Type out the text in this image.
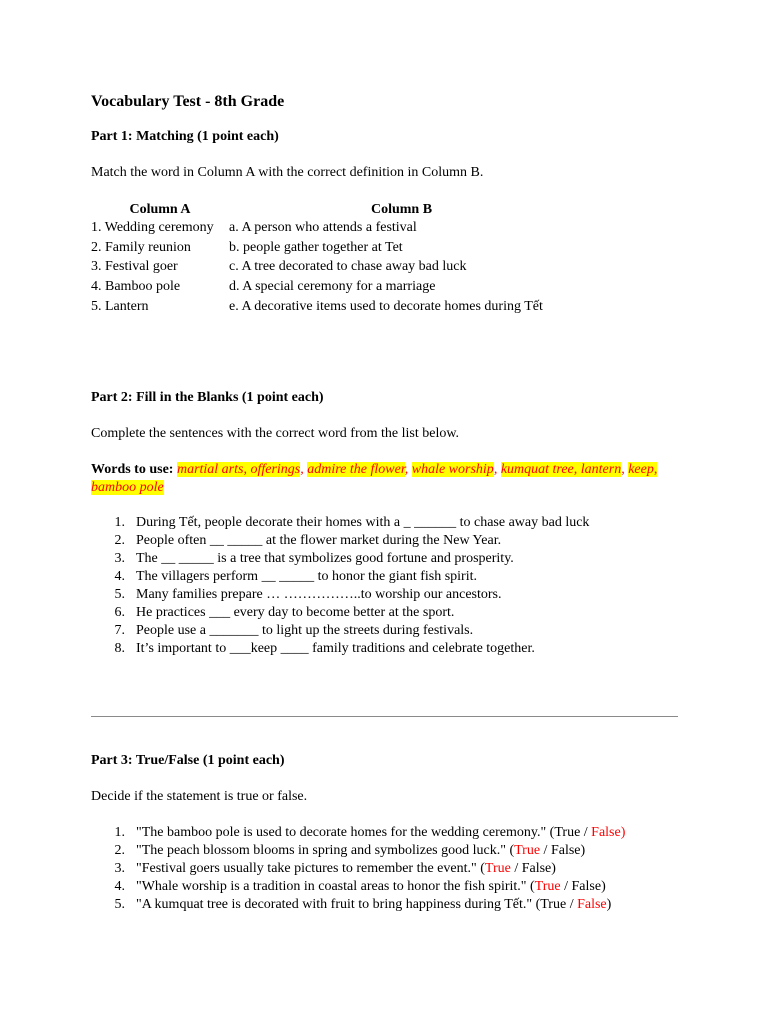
Vocabulary Test - 8th Grade

Part 1: Matching (1 point each)

Match the word in Column A with the correct definition in Column B.

Column A	Column B
1. Wedding ceremony	a. A person who attends a festival
2. Family reunion	b. people gather together at Tet
3. Festival goer	c. A tree decorated to chase away bad luck
4. Bamboo pole	d. A special ceremony for a marriage
5. Lantern	e. A decorative items used to decorate homes during Tết

Part 2: Fill in the Blanks (1 point each)

Complete the sentences with the correct word from the list below.

Words to use: martial arts, offerings, admire the flower, whale worship, kumquat tree, lantern, keep, bamboo pole

1. During Tết, people decorate their homes with a _ ______ to chase away bad luck
2. People often __ _____ at the flower market during the New Year.
3. The __ _____ is a tree that symbolizes good fortune and prosperity.
4. The villagers perform __ _____ to honor the giant fish spirit.
5. Many families prepare … ……………..to worship our ancestors.
6. He practices ___ every day to become better at the sport.
7. People use a _______ to light up the streets during festivals.
8. It’s important to ___keep ____ family traditions and celebrate together.

Part 3: True/False (1 point each)

Decide if the statement is true or false.

1. "The bamboo pole is used to decorate homes for the wedding ceremony." (True / False)
2. "The peach blossom blooms in spring and symbolizes good luck." (True / False)
3. "Festival goers usually take pictures to remember the event." (True / False)
4. "Whale worship is a tradition in coastal areas to honor the fish spirit." (True / False)
5. "A kumquat tree is decorated with fruit to bring happiness during Tết." (True / False)
